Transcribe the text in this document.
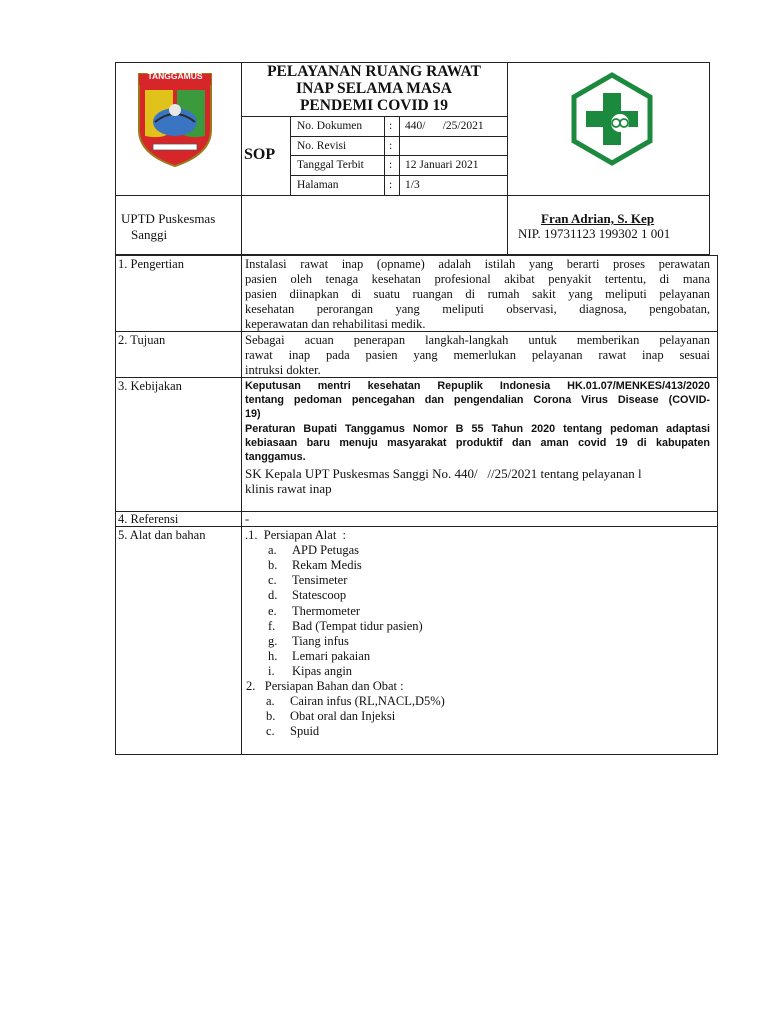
TANGGAMUS	PELAYANAN RUANG RAWAT
INAP SELAMA MASA
PENDEMI COVID 19
SOP
No. Dokumen : 440/      /25/2021
No. Revisi	:
Tanggal Terbit : 12 Januari 2021
Halaman	: 1/3
UPTD Puskesmas
Sanggi
Fran Adrian, S. Kep
NIP. 19731123 199302 1 001
1. Pengertian	Instalasi rawat inap (opname) adalah istilah yang berarti proses perawatan
pasien oleh tenaga kesehatan profesional akibat penyakit tertentu, di mana
pasien diinapkan di suatu ruangan di rumah sakit yang meliputi pelayanan
kesehatan perorangan yang meliputi observasi, diagnosa, pengobatan,
keperawatan dan rehabilitasi medik.
2. Tujuan	Sebagai acuan penerapan langkah-langkah untuk memberikan pelayanan
rawat inap pada pasien yang memerlukan pelayanan rawat inap sesuai
intruksi dokter.
3. Kebijakan	Keputusan mentri kesehatan Repuplik Indonesia HK.01.07/MENKES/413/2020
tentang pedoman pencegahan dan pengendalian Corona Virus Disease (COVID-
19)
Peraturan Bupati Tanggamus Nomor B 55 Tahun 2020 tentang pedoman adaptasi
kebiasaan baru menuju masyarakat produktif dan aman covid 19 di kabupaten
tanggamus.
SK Kepala UPT Puskesmas Sanggi No. 440/   //25/2021 tentang pelayanan l
klinis rawat inap
4. Referensi	-
5. Alat dan bahan	.1.  Persiapan Alat  :
a.	APD Petugas
b.	Rekam Medis
c.	Tensimeter
d.	Statescoop
e.	Thermometer
f.	Bad (Tempat tidur pasien)
g.	Tiang infus
h.	Lemari pakaian
i.	Kipas angin
2.   Persiapan Bahan dan Obat :
a.	Cairan infus (RL,NACL,D5%)
b.	Obat oral dan Injeksi
c.	Spuid
